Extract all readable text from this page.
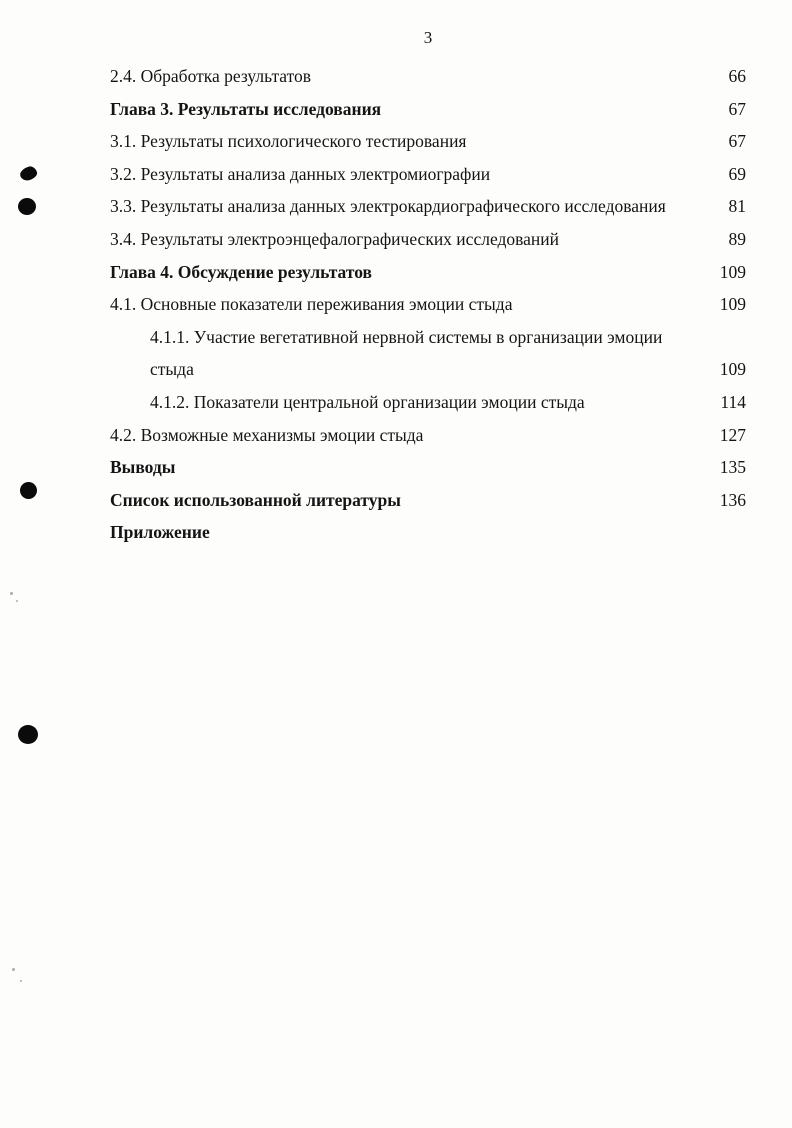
3
2.4. Обработка результатов	66
Глава 3. Результаты исследования	67
3.1. Результаты психологического тестирования	67
3.2. Результаты анализа данных электромиографии	69
3.3. Результаты анализа данных электрокардиографического исследования	81
3.4. Результаты электроэнцефалографических исследований	89
Глава 4. Обсуждение результатов	109
4.1. Основные показатели переживания эмоции стыда	109
4.1.1. Участие вегетативной нервной системы в организации эмоции
стыда	109
4.1.2. Показатели центральной организации эмоции стыда	114
4.2. Возможные механизмы эмоции стыда	127
Выводы	135
Список использованной литературы	136
Приложение
